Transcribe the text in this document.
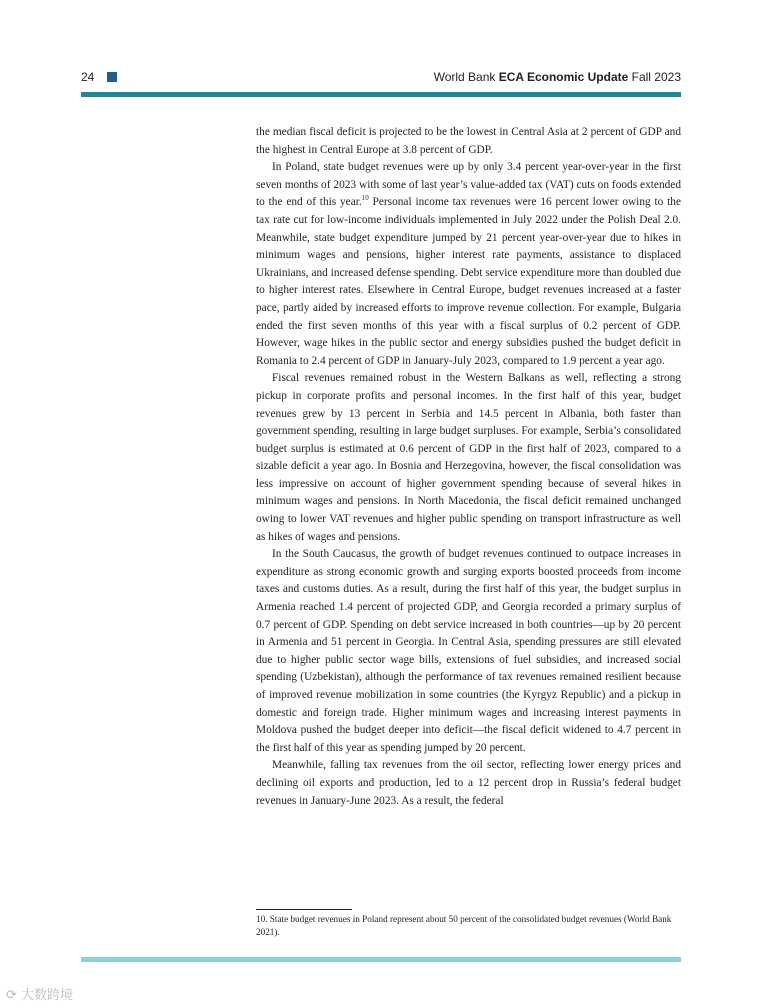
24	World Bank ECA Economic Update Fall 2023

the median fiscal deficit is projected to be the lowest in Central Asia at 2 percent of GDP and the highest in Central Europe at 3.8 percent of GDP.

In Poland, state budget revenues were up by only 3.4 percent year-over-year in the first seven months of 2023 with some of last year’s value-added tax (VAT) cuts on foods extended to the end of this year.$^{10}$ Personal income tax revenues were 16 percent lower owing to the tax rate cut for low-income individuals implemented in July 2022 under the Polish Deal 2.0. Meanwhile, state budget expenditure jumped by 21 percent year-over-year due to hikes in minimum wages and pensions, higher interest rate payments, assistance to displaced Ukrainians, and increased defense spending. Debt service expenditure more than doubled due to higher interest rates. Elsewhere in Central Europe, budget revenues increased at a faster pace, partly aided by increased efforts to improve revenue collection. For example, Bulgaria ended the first seven months of this year with a fiscal surplus of 0.2 percent of GDP. However, wage hikes in the public sector and energy subsidies pushed the budget deficit in Romania to 2.4 percent of GDP in January-July 2023, compared to 1.9 percent a year ago.

Fiscal revenues remained robust in the Western Balkans as well, reflecting a strong pickup in corporate profits and personal incomes. In the first half of this year, budget revenues grew by 13 percent in Serbia and 14.5 percent in Albania, both faster than government spending, resulting in large budget surpluses. For example, Serbia’s consolidated budget surplus is estimated at 0.6 percent of GDP in the first half of 2023, compared to a sizable deficit a year ago. In Bosnia and Herzegovina, however, the fiscal consolidation was less impressive on account of higher government spending because of several hikes in minimum wages and pensions. In North Macedonia, the fiscal deficit remained unchanged owing to lower VAT revenues and higher public spending on transport infrastructure as well as hikes of wages and pensions.

In the South Caucasus, the growth of budget revenues continued to outpace increases in expenditure as strong economic growth and surging exports boosted proceeds from income taxes and customs duties. As a result, during the first half of this year, the budget surplus in Armenia reached 1.4 percent of projected GDP, and Georgia recorded a primary surplus of 0.7 percent of GDP. Spending on debt service increased in both countries—up by 20 percent in Armenia and 51 percent in Georgia. In Central Asia, spending pressures are still elevated due to higher public sector wage bills, extensions of fuel subsidies, and increased social spending (Uzbekistan), although the performance of tax revenues remained resilient because of improved revenue mobilization in some countries (the Kyrgyz Republic) and a pickup in domestic and foreign trade. Higher minimum wages and increasing interest payments in Moldova pushed the budget deeper into deficit—the fiscal deficit widened to 4.7 percent in the first half of this year as spending jumped by 20 percent.

Meanwhile, falling tax revenues from the oil sector, reflecting lower energy prices and declining oil exports and production, led to a 12 percent drop in Russia’s federal budget revenues in January-June 2023. As a result, the federal

10. State budget revenues in Poland represent about 50 percent of the consolidated budget revenues (World Bank 2021).
⟳ 大数跨境
